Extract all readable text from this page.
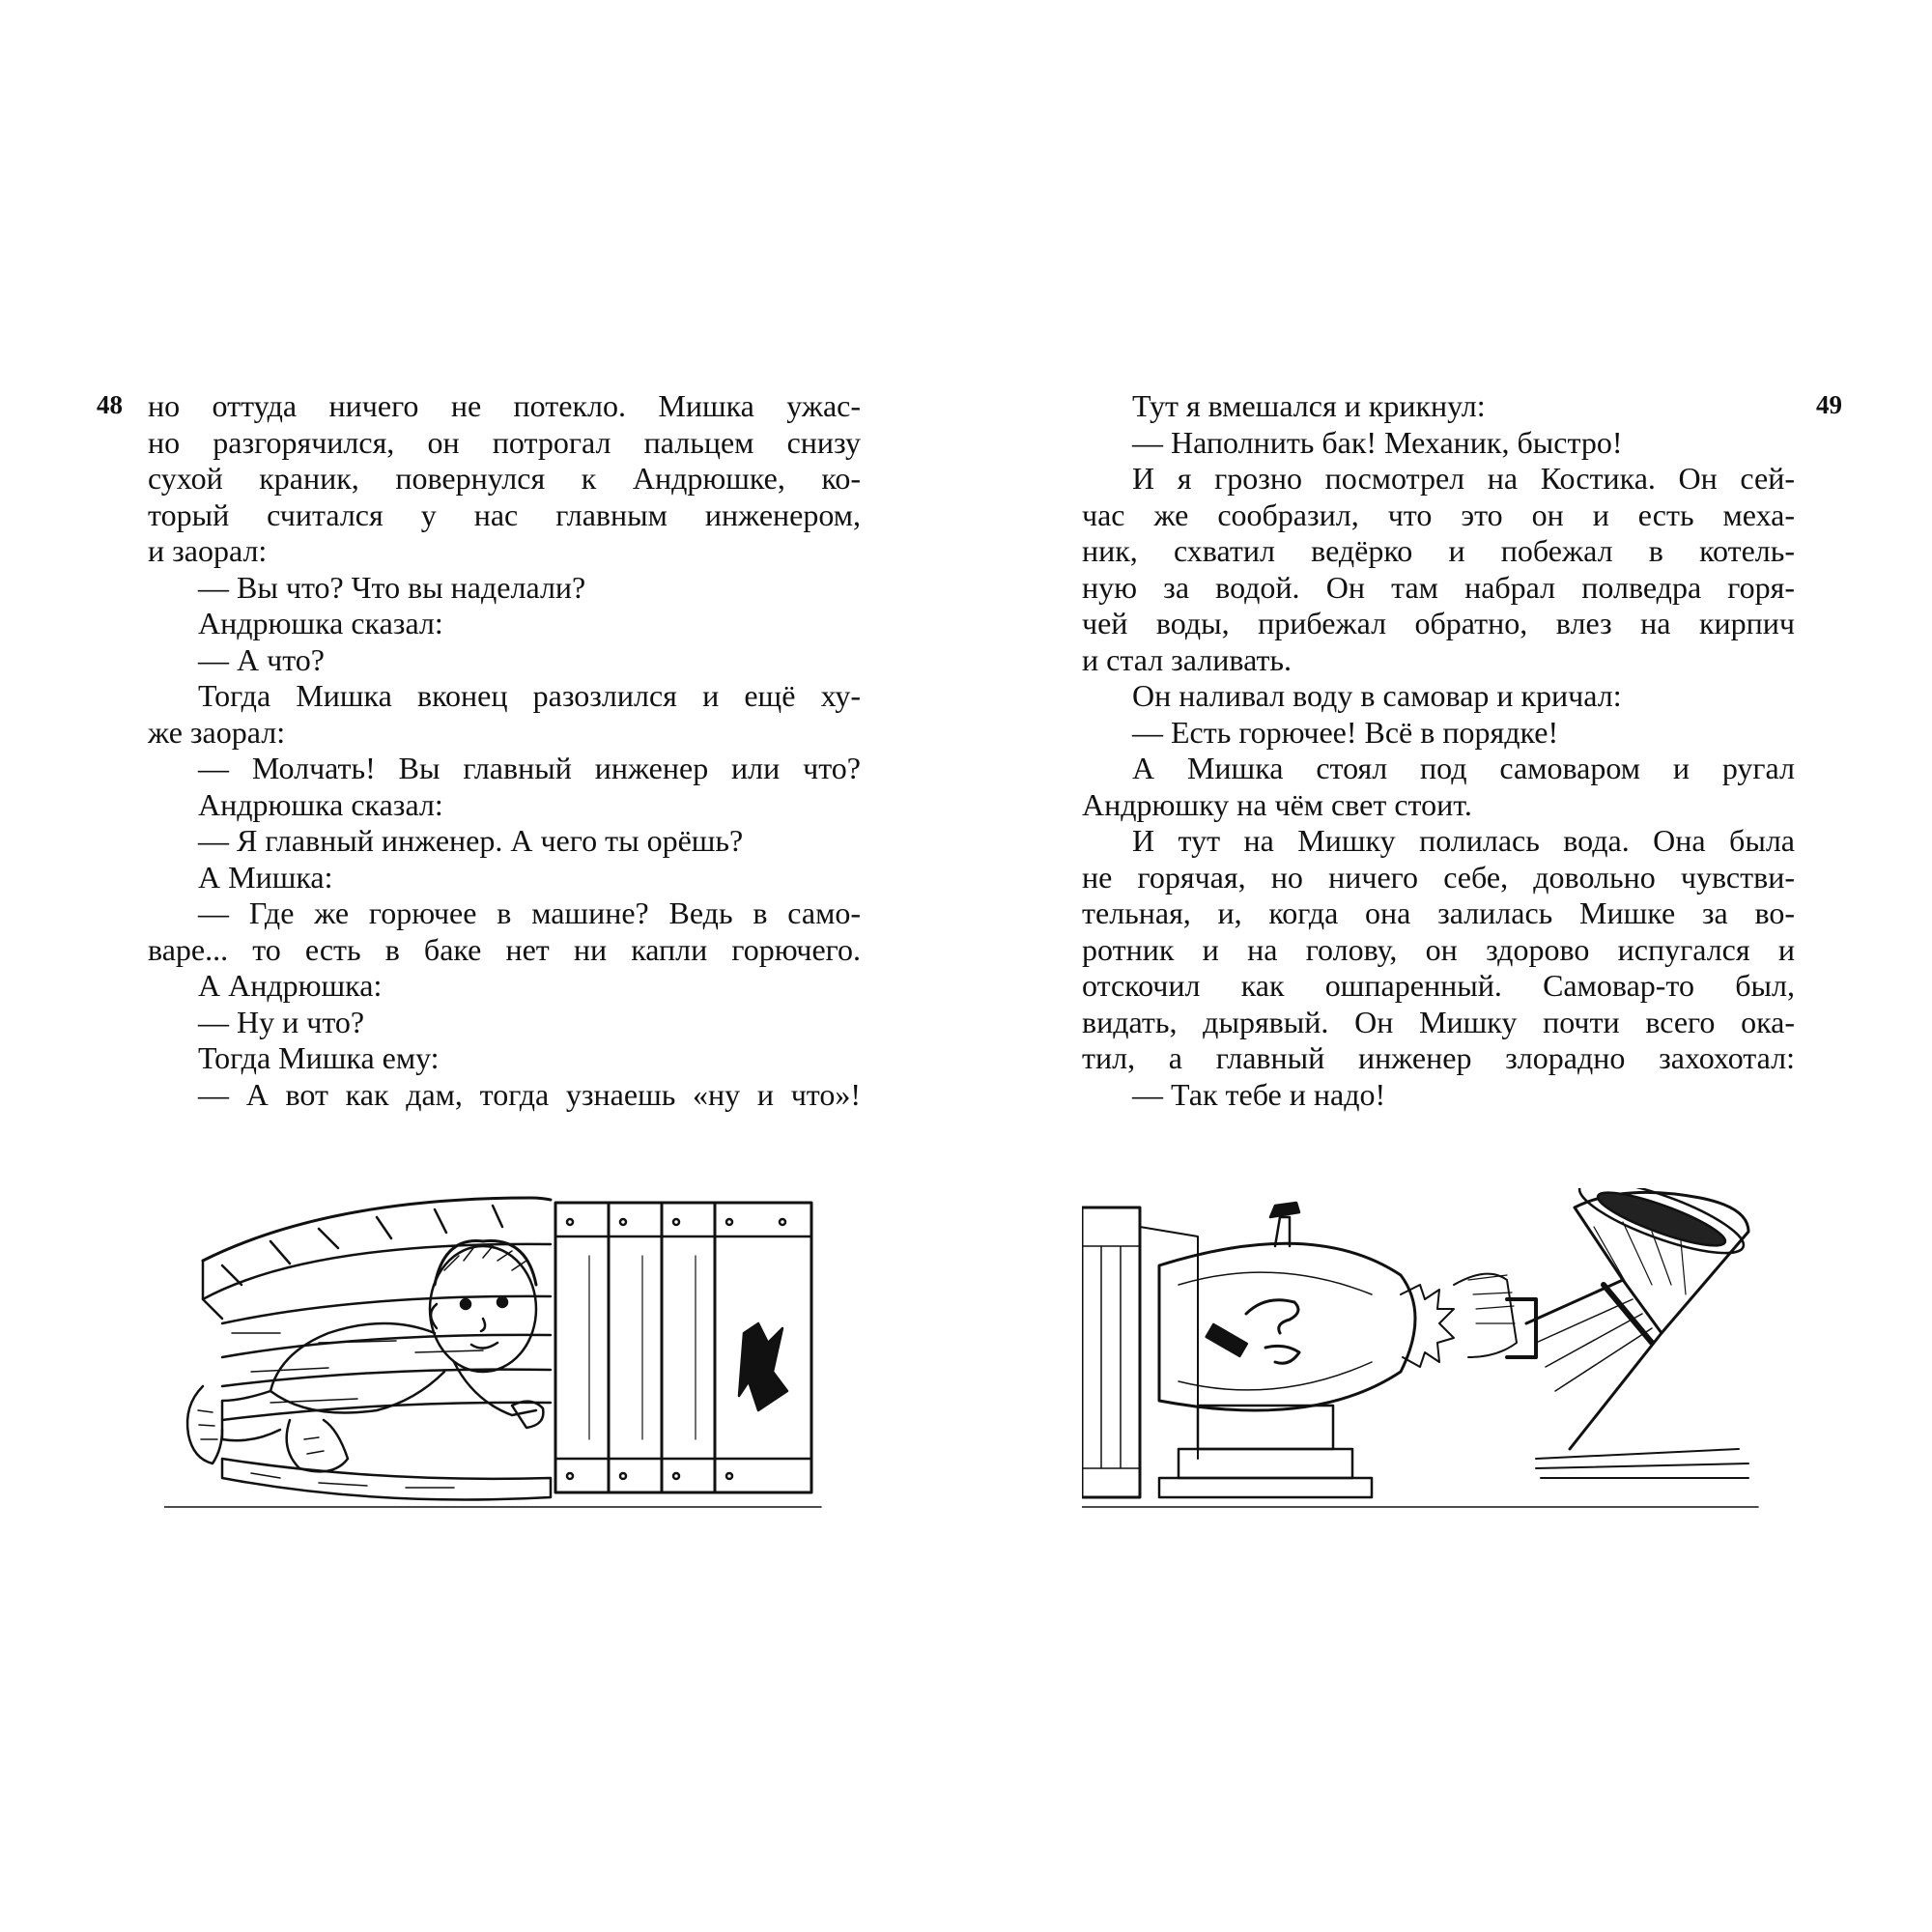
48 но оттуда ничего не потекло. Мишка ужас-
но разгорячился, он потрогал пальцем снизу
сухой краник, повернулся к Андрюшке, ко-
торый считался у нас главным инженером,
и заорал:
— Вы что? Что вы наделали?
Андрюшка сказал:
— А что?
Тогда Мишка вконец разозлился и ещё ху-
же заорал:
— Молчать! Вы главный инженер или что?
Андрюшка сказал:
— Я главный инженер. А чего ты орёшь?
А Мишка:
— Где же горючее в машине? Ведь в само-
варе... то есть в баке нет ни капли горючего.
А Андрюшка:
— Ну и что?
Тогда Мишка ему:
— А вот как дам, тогда узнаешь «ну и что»!
49
Тут я вмешался и крикнул:
— Наполнить бак! Механик, быстро!
И я грозно посмотрел на Костика. Он сей-
час же сообразил, что это он и есть меха-
ник, схватил ведёрко и побежал в котель-
ную за водой. Он там набрал полведра горя-
чей воды, прибежал обратно, влез на кирпич
и стал заливать.
Он наливал воду в самовар и кричал:
— Есть горючее! Всё в порядке!
А Мишка стоял под самоваром и ругал
Андрюшку на чём свет стоит.
И тут на Мишку полилась вода. Она была
не горячая, но ничего себе, довольно чувстви-
тельная, и, когда она залилась Мишке за во-
ротник и на голову, он здорово испугался и
отскочил как ошпаренный. Самовар-то был,
видать, дырявый. Он Мишку почти всего ока-
тил, а главный инженер злорадно захохотал:
— Так тебе и надо!
